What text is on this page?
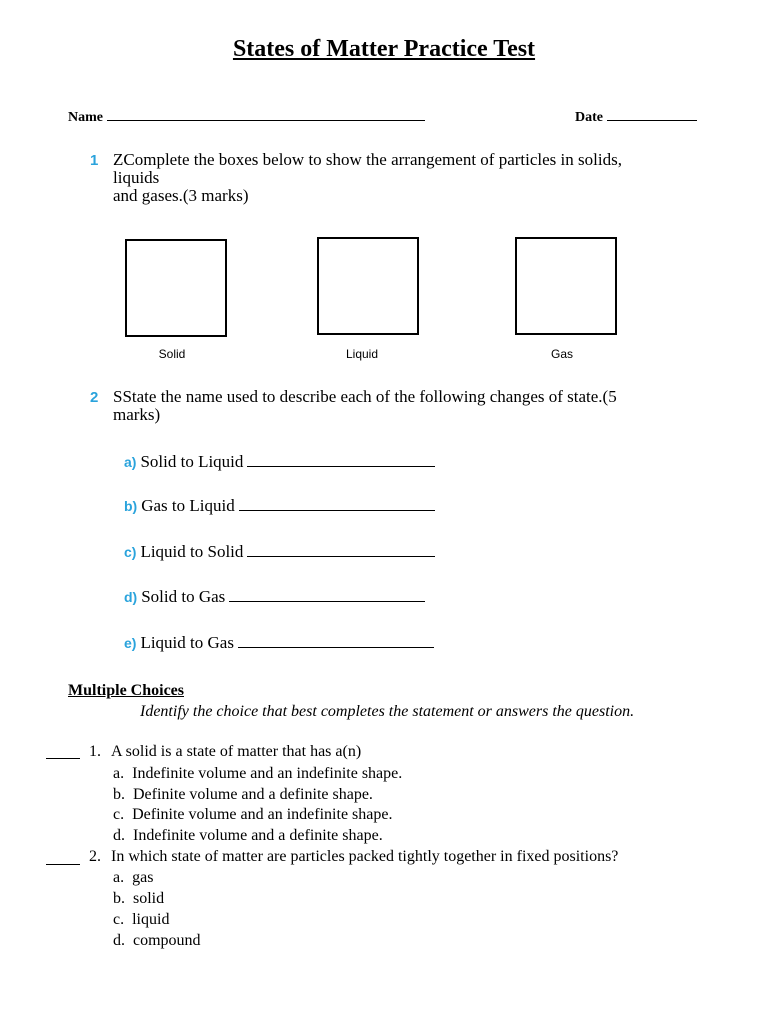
States of Matter Practice Test
Name	Date
1 ZComplete the boxes below to show the arrangement of particles in solids,
liquids
and gases.(3 marks)
Solid	Liquid	Gas
2 SState the name used to describe each of the following changes of state.(5
marks)
a) Solid to Liquid
b) Gas to Liquid
c) Liquid to Solid
d) Solid to Gas
e) Liquid to Gas
Multiple Choices
Identify the choice that best completes the statement or answers the question.
1. A solid is a state of matter that has a(n)
a. Indefinite volume and an indefinite shape.
b. Definite volume and a definite shape.
c. Definite volume and an indefinite shape.
d. Indefinite volume and a definite shape.
2. In which state of matter are particles packed tightly together in fixed positions?
a. gas
b. solid
c. liquid
d. compound
